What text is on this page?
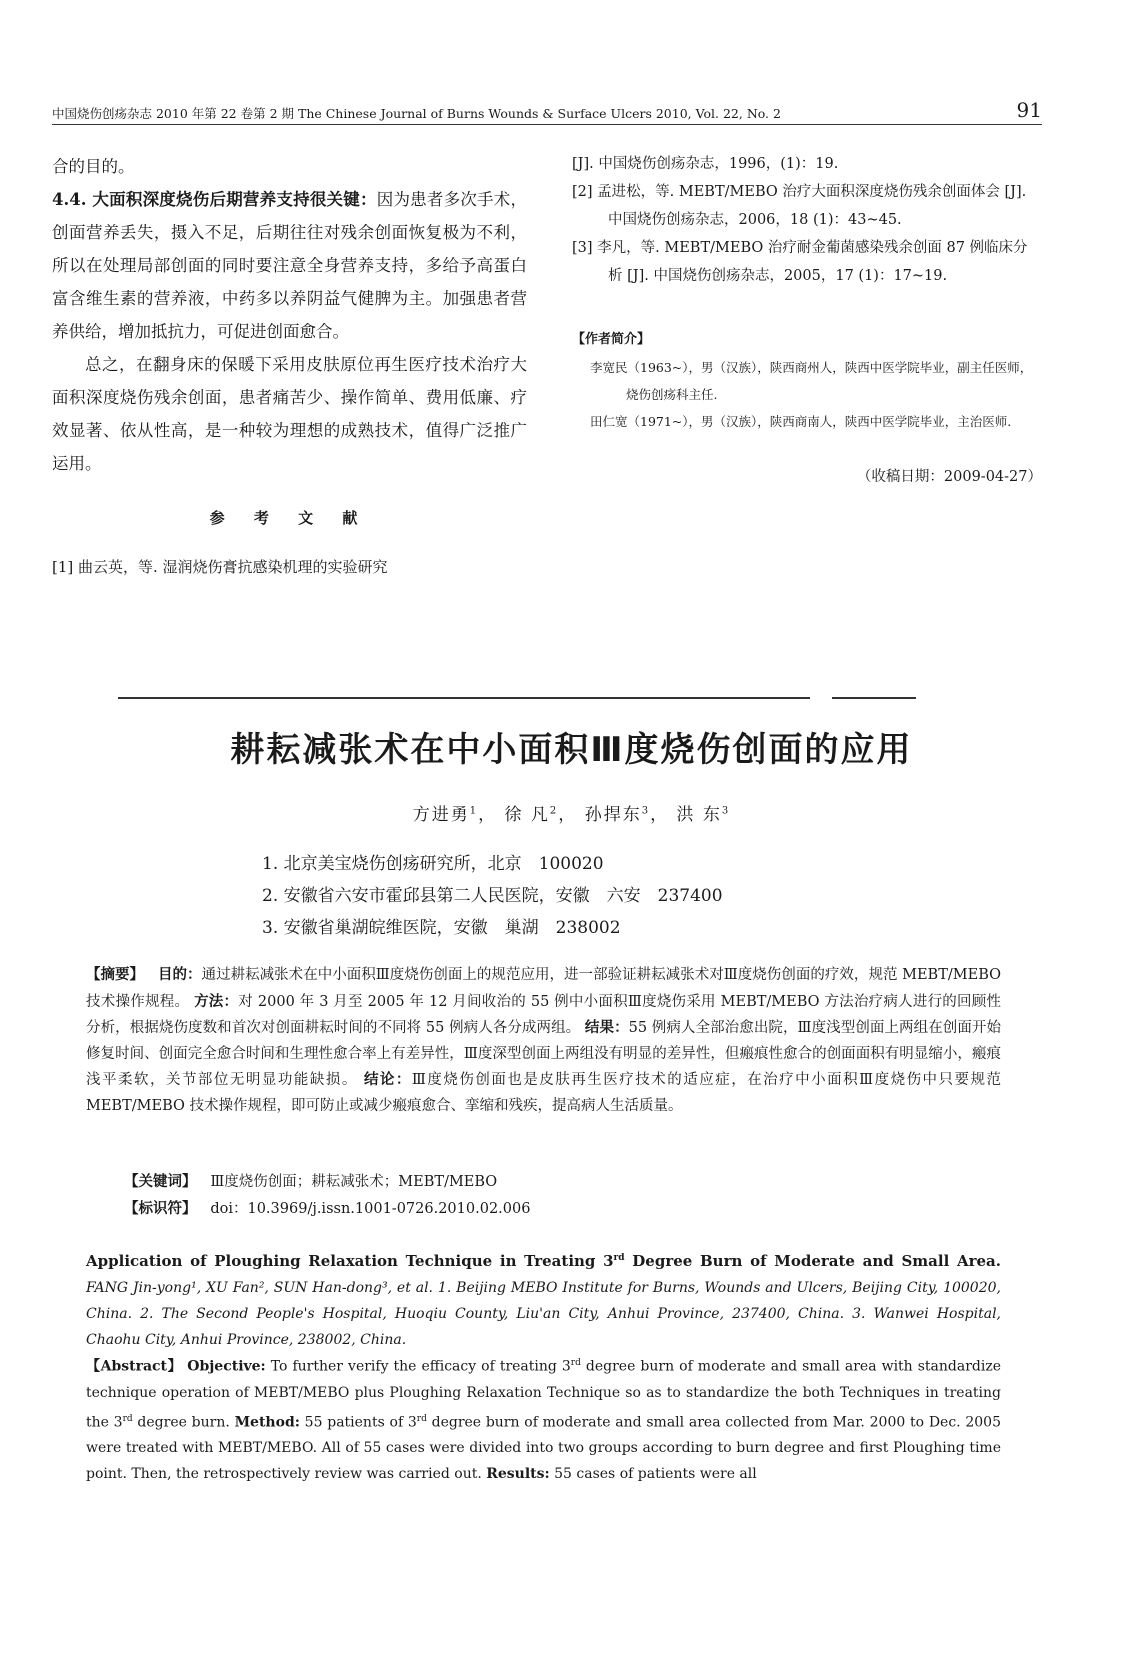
中国烧伤创疡杂志 2010 年第 22 卷第 2 期 The Chinese Journal of Burns Wounds & Surface Ulcers 2010, Vol. 22, No. 2	91

合的目的。

4.4. 大面积深度烧伤后期营养支持很关键：因为患者多次手术，创面营养丢失，摄入不足，后期往往对残余创面恢复极为不利，所以在处理局部创面的同时要注意全身营养支持，多给予高蛋白富含维生素的营养液，中药多以养阴益气健脾为主。加强患者营养供给，增加抵抗力，可促进创面愈合。

总之，在翻身床的保暖下采用皮肤原位再生医疗技术治疗大面积深度烧伤残余创面，患者痛苦少、操作简单、费用低廉、疗效显著、依从性高，是一种较为理想的成熟技术，值得广泛推广运用。

参 考 文 献
[1] 曲云英，等. 湿润烧伤膏抗感染机理的实验研究
[J]. 中国烧伤创疡杂志，1996，(1)：19.
[2] 孟进松，等. MEBT/MEBO 治疗大面积深度烧伤残余创面体会 [J]. 中国烧伤创疡杂志，2006，18 (1)：43~45.
[3] 李凡，等. MEBT/MEBO 治疗耐金葡菌感染残余创面 87 例临床分析 [J]. 中国烧伤创疡杂志，2005，17 (1)：17~19.
【作者简介】
李宽民（1963~），男（汉族），陕西商州人，陕西中医学院毕业，副主任医师，烧伤创疡科主任.
田仁宽（1971~），男（汉族），陕西商南人，陕西中医学院毕业，主治医师.
（收稿日期：2009-04-27）
耕耘减张术在中小面积Ⅲ度烧伤创面的应用
方进勇$^1$， 徐 凡$^2$， 孙捍东$^3$， 洪 东$^3$
1. 北京美宝烧伤创疡研究所，北京　100020
2. 安徽省六安市霍邱县第二人民医院，安徽　六安　237400
3. 安徽省巢湖皖维医院，安徽　巢湖　238002
【摘要】 目的：通过耕耘减张术在中小面积Ⅲ度烧伤创面上的规范应用，进一部验证耕耘减张术对Ⅲ度烧伤创面的疗效，规范 MEBT/MEBO 技术操作规程。 方法：对 2000 年 3 月至 2005 年 12 月间收治的 55 例中小面积Ⅲ度烧伤采用 MEBT/MEBO 方法治疗病人进行的回顾性分析，根据烧伤度数和首次对创面耕耘时间的不同将 55 例病人各分成两组。 结果：55 例病人全部治愈出院，Ⅲ度浅型创面上两组在创面开始修复时间、创面完全愈合时间和生理性愈合率上有差异性，Ⅲ度深型创面上两组没有明显的差异性，但瘢痕性愈合的创面面积有明显缩小，瘢痕浅平柔软，关节部位无明显功能缺损。 结论：Ⅲ度烧伤创面也是皮肤再生医疗技术的适应症，在治疗中小面积Ⅲ度烧伤中只要规范 MEBT/MEBO 技术操作规程，即可防止或减少瘢痕愈合、挛缩和残疾，提高病人生活质量。
【关键词】 Ⅲ度烧伤创面；耕耘减张术；MEBT/MEBO
【标识符】 doi：10.3969/j.issn.1001-0726.2010.02.006
Application of Ploughing Relaxation Technique in Treating 3rd Degree Burn of Moderate and Small Area. FANG Jin-yong¹, XU Fan², SUN Han-dong³, et al. 1. Beijing MEBO Institute for Burns, Wounds and Ulcers, Beijing City, 100020, China. 2. The Second People's Hospital, Huoqiu County, Liu'an City, Anhui Province, 237400, China. 3. Wanwei Hospital, Chaohu City, Anhui Province, 238002, China.
【Abstract】 Objective: To further verify the efficacy of treating 3rd degree burn of moderate and small area with standardize technique operation of MEBT/MEBO plus Ploughing Relaxation Technique so as to standardize the both Techniques in treating the 3rd degree burn. Method: 55 patients of 3rd degree burn of moderate and small area collected from Mar. 2000 to Dec. 2005 were treated with MEBT/MEBO. All of 55 cases were divided into two groups according to burn degree and first Ploughing time point. Then, the retrospectively review was carried out. Results: 55 cases of patients were all
